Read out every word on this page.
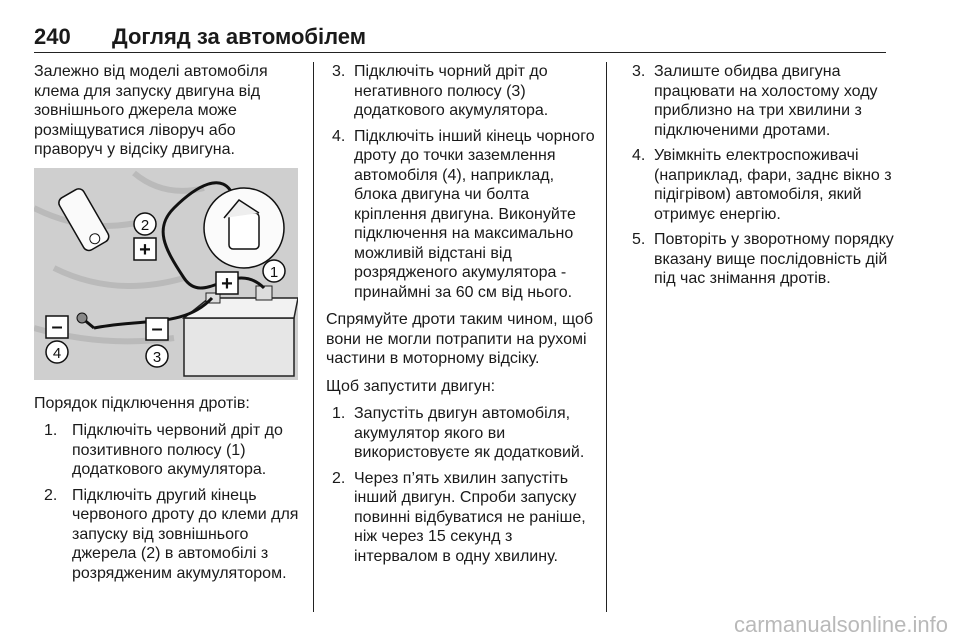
240 Догляд за автомобілем

Залежно від моделі автомобіля клема для запуску двигуна від зовнішнього джерела може розміщуватися ліворуч або праворуч у відсіку двигуна.

+
2
+
1
–
3
–
4

Порядок підключення дротів:

1. Підключіть червоний дріт до позитивного полюсу (1) додаткового акумулятора.
2. Підключіть другий кінець червоного дроту до клеми для запуску від зовнішнього джерела (2) в автомобілі з розрядженим акумулятором.
3. Підключіть чорний дріт до негативного полюсу (3) додаткового акумулятора.
4. Підключіть інший кінець чорного дроту до точки заземлення автомобіля (4), наприклад, блока двигуна чи болта кріплення двигуна. Виконуйте підключення на максимально можливій відстані від розрядженого акумулятора - принаймні за 60 см від нього.

Спрямуйте дроти таким чином, щоб вони не могли потрапити на рухомі частини в моторному відсіку.

Щоб запустити двигун:

1. Запустіть двигун автомобіля, акумулятор якого ви використовуєте як додатковий.
2. Через п’ять хвилин запустіть інший двигун. Спроби запуску повинні відбуватися не раніше, ніж через 15 секунд з інтервалом в одну хвилину.
3. Залиште обидва двигуна працювати на холостому ходу приблизно на три хвилини з підключеними дротами.
4. Увімкніть електроспоживачі (наприклад, фари, заднє вікно з підігрівом) автомобіля, який отримує енергію.
5. Повторіть у зворотному порядку вказану вище послідовність дій під час знімання дротів.
carmanualsonline.info
